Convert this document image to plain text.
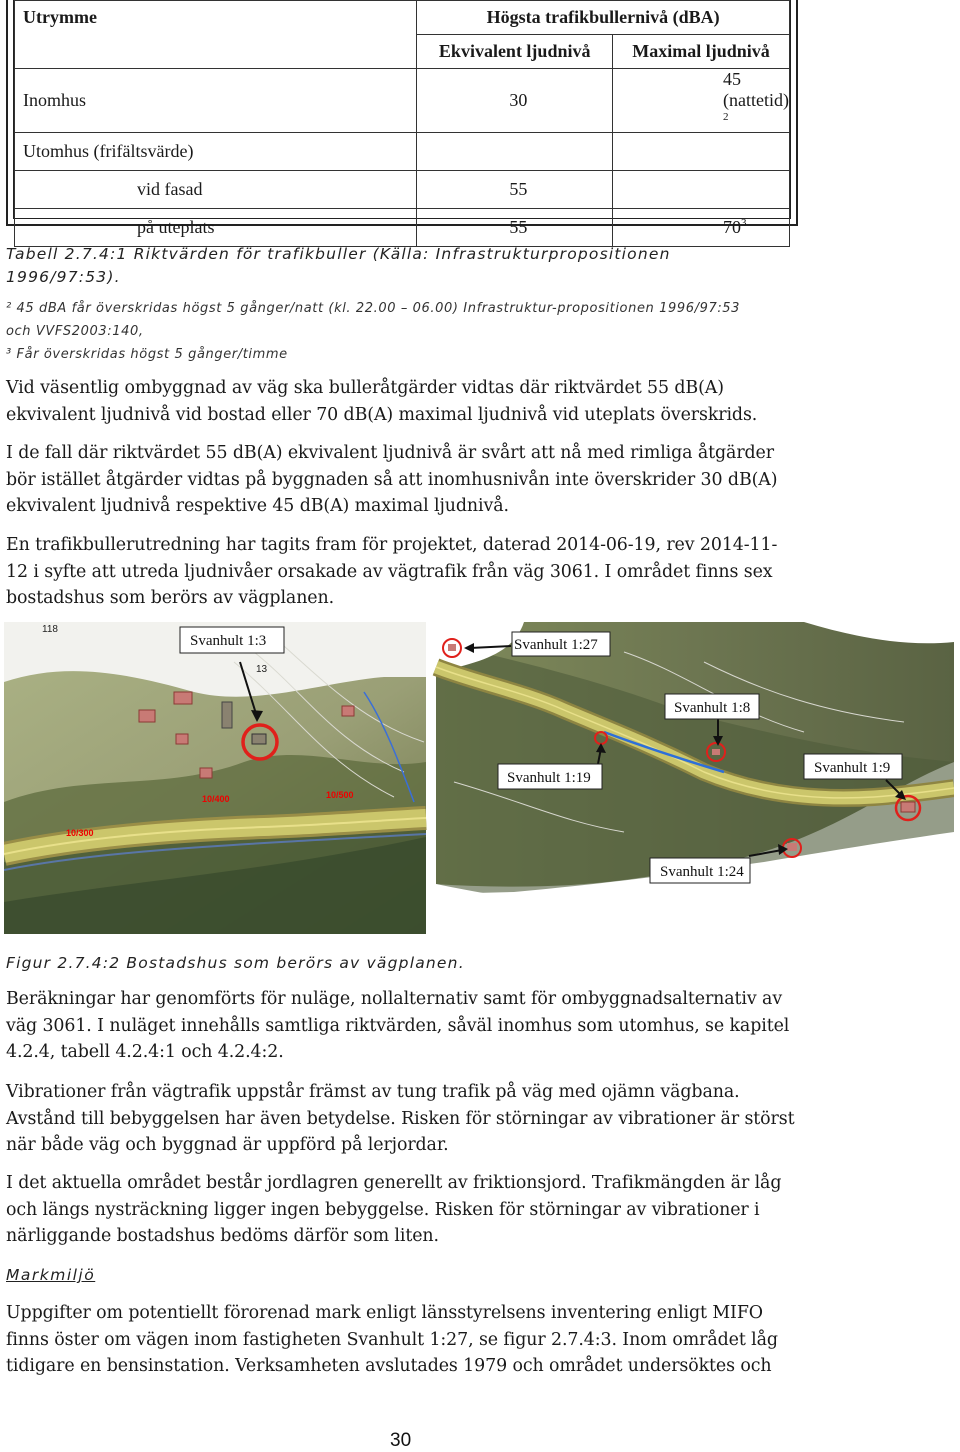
Utrymme	Högsta trafikbullernivå (dBA)	
	Ekvivalent ljudnivå	Maximal ljudnivå
Inomhus	30	45 (nattetid) $^2$
Utomhus (frifältsvärde)		
vid fasad	55	
på uteplats	55	$70^3$
Tabell 2.7.4:1 Riktvärden för trafikbuller (Källa: Infrastrukturpropositionen 1996/97:53).
² 45 dBA får överskridas högst 5 gånger/natt (kl. 22.00 – 06.00) Infrastruktur-propositionen 1996/97:53
och VVFS2003:140,
³ Får överskridas högst 5 gånger/timme
Vid väsentlig ombyggnad av väg ska bulleråtgärder vidtas där riktvärdet 55 dB(A) ekvivalent ljudnivå vid bostad eller 70 dB(A) maximal ljudnivå vid uteplats överskrids.
I de fall där riktvärdet 55 dB(A) ekvivalent ljudnivå är svårt att nå med rimliga åtgärder bör istället åtgärder vidtas på byggnaden så att inomhusnivån inte överskrider 30 dB(A) ekvivalent ljudnivå respektive 45 dB(A) maximal ljudnivå.
En trafikbullerutredning har tagits fram för projektet, daterad 2014-06-19, rev 2014-11-12 i syfte att utreda ljudnivåer orsakade av vägtrafik från väg 3061. I området finns sex bostadshus som berörs av vägplanen.
118
13
10/400
10/300
10/500
Svanhult 1:3	Svanhult 1:27
Svanhult 1:8
Svanhult 1:19
Svanhult 1:9
Svanhult 1:24
Figur 2.7.4:2 Bostadshus som berörs av vägplanen.
Beräkningar har genomförts för nuläge, nollalternativ samt för ombyggnadsalternativ av väg 3061. I nuläget innehålls samtliga riktvärden, såväl inomhus som utomhus, se kapitel 4.2.4, tabell 4.2.4:1 och 4.2.4:2.
Vibrationer från vägtrafik uppstår främst av tung trafik på väg med ojämn vägbana. Avstånd till bebyggelsen har även betydelse. Risken för störningar av vibrationer är störst när både väg och byggnad är uppförd på lerjordar.
I det aktuella området består jordlagren generellt av friktionsjord. Trafikmängden är låg och längs nysträckning ligger ingen bebyggelse. Risken för störningar av vibrationer i närliggande bostadshus bedöms därför som liten.
Markmiljö
Uppgifter om potentiellt förorenad mark enligt länsstyrelsens inventering enligt MIFO finns öster om vägen inom fastigheten Svanhult 1:27, se figur 2.7.4:3. Inom området låg tidigare en bensinstation. Verksamheten avslutades 1979 och området undersöktes och
30
